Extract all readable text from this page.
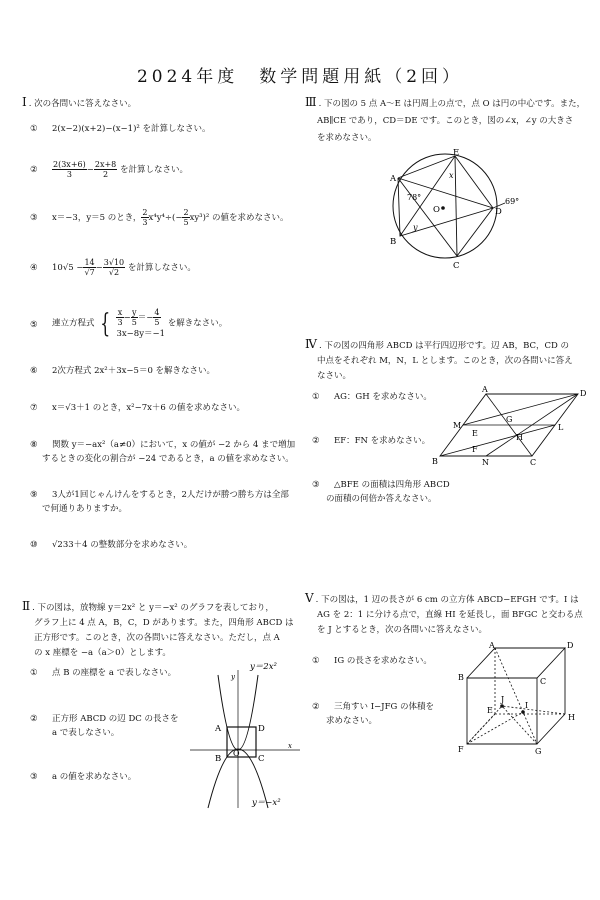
2024年度　数学問題用紙（2回）
Ⅰ . 次の各問いに答えなさい。
① 2(x−2)(x+2)−(x−1)² を計算しなさい。
② $\frac{2(3x+6)}{3} - \frac{2x+8}{2}$ を計算しなさい。
③ x＝−3，y＝5 のとき， $\frac{2}{3} x^4y^4\div(- \frac{2}{5} xy^3)^2$ の値を求めなさい。
④ $10√5 - \frac{14}{√7} - \frac{3√10}{√2}$ を計算しなさい。
⑤ 連立方程式 { $\frac{x}{3} - \frac{y}{5} =- \frac{4}{5}$
3x−8y＝−1
を解きなさい。
⑥ 2次方程式 2x²＋3x−5＝0 を解きなさい。
⑦ x＝√3＋1 のとき，x²−7x＋6 の値を求めなさい。
⑧ 関数 y＝−ax²（a≠0）において，x の値が −2 から 4 まで増加
するときの変化の割合が −24 であるとき，a の値を求めなさい。
⑨ 3人が1回じゃんけんをするとき，2人だけが勝つ勝ち方は全部
で何通りありますか。
⑩ √233＋4 の整数部分を求めなさい。
Ⅱ . 下の図は，放物線 y＝2x² と y＝−x² のグラフを表しており，
グラフ上に 4 点 A，B，C，D があります。また，四角形 ABCD は
正方形です。このとき，次の各問いに答えなさい。ただし，点 A
の x 座標を −a（a＞0）とします。
① 点 B の座標を a で表しなさい。
② 正方形 ABCD の辺 DC の長さを
a で表しなさい。
③ a の値を求めなさい。
y＝2x²
y＝−x²
y
x
O
A
B	C
D
Ⅲ . 下の図の 5 点 A〜E は円周上の点で，点 O は円の中心です。また，
AB∥CE であり，CD＝DE です。このとき，図の∠x，∠y の大きさ
を求めなさい。
A
B
C
D
E
O
x
y
78°	69°
Ⅳ . 下の図の四角形 ABCD は平行四辺形です。辺 AB，BC，CD の
中点をそれぞれ M，N，L とします。このとき，次の各問いに答え
なさい。
① AG：GH を求めなさい。
② EF：FN を求めなさい。
③ △BFE の面積は四角形 ABCD
の面積の何倍か答えなさい。
A	D
B	C
M
N
L
E
F
G
H
Ⅴ . 下の図は，1 辺の長さが 6 cm の立方体 ABCD−EFGH です。I は
AG を 2：1 に分ける点で，直線 HI を延長し，面 BFGC と交わる点
を J とするとき，次の各問いに答えなさい。
① IG の長さを求めなさい。
② 三角すい I−JFG の体積を
求めなさい。
A	D
B	C
E
F	G
H
I
J
